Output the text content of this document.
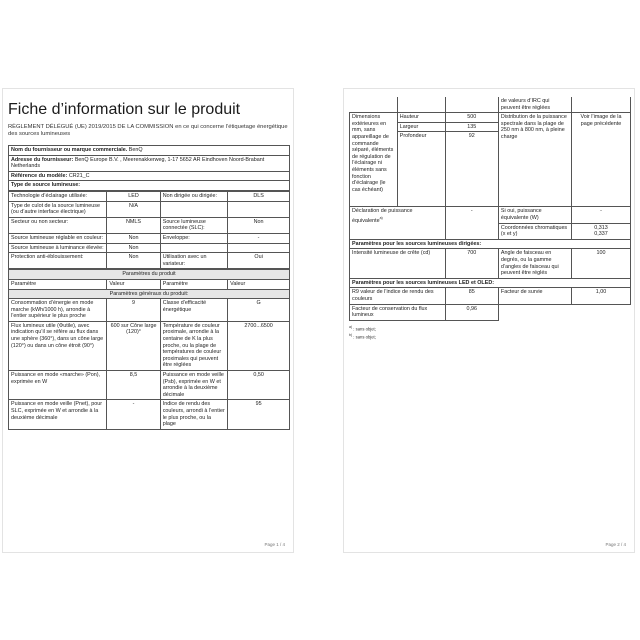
Fiche d’information sur le produit
RÈGLEMENT DÉLÉGUÉ (UE) 2019/2015 DE LA COMMISSION en ce qui concerne l’étiquetage énergétique des sources lumineuses
Nom du fournisseur ou marque commerciale. BenQ
Adresse du fournisseur: BenQ Europe B.V. , Meerenakkerweg, 1-17 5652 AR Eindhoven Noord-Brabant Netherlands
Référence du modèle: CR21_C
Type de source lumineuse:
Technologie d’éclairage utilisée:	LED	Non dirigée ou dirigée:	DLS
Type de culot de la source lumineuse (ou d’autre interface électrique)	N/A		
Secteur ou non secteur:	NMLS	Source lumineuse connectée (SLC):	Non
Source lumineuse réglable en couleur:	Non	Enveloppe:	-
Source lumineuse à luminance élevée:	Non		
Protection anti-éblouissement:	Non	Utilisation avec un variateur:	Oui
Paramètres du produit			
Paramètre	Valeur	Paramètre	Valeur
Paramètres généraux du produit:			
Consommation d’énergie en mode marche (kWh/1000 h), arrondie à l’entier supérieur le plus proche	9	Classe d’efficacité énergétique	G
Flux lumineux utile (Φutile), avec indication qu’il se réfère au flux dans une sphère (360°), dans un cône large (120°) ou dans un cône étroit (90°)	600 sur Cône large (120)°	Température de couleur proximale, arrondie à la centaine de K la plus proche, ou la plage de températures de couleur proximales qui peuvent être réglées	2700...6500
Puissance en mode «marche» (Pon), exprimée en W	8,5	Puissance en mode veille (Psb), exprimée en W et arrondie à la deuxième décimale	0,50
Puissance en mode veille (Pnet), pour SLC, exprimée en W et arrondie à la deuxième décimale	-	Indice de rendu des couleurs, arrondi à l’entier le plus proche, ou la plage	95
Page 1 / 4
			de valeurs d’IRC qui peuvent être réglées	
Dimensions extérieures en mm, sans appareillage de commande séparé, éléments de régulation de l’éclairage ni éléments sans fonction d’éclairage (le cas échéant)	Hauteur	500	Distribution de la puissance spectrale dans la plage de 250 nm à 800 nm, à pleine charge	Voir l’image de la page précédente
	Largeur	135		
	Profondeur	92		
Déclaration de puissance équivalente$^{a)}$		-	Si oui, puissance équivalente (W)	-
			Coordonnées chromatiques (x et y)	0,313
0,337
Paramètres pour les sources lumineuses dirigées:				
Intensité lumineuse de crête (cd)		700	Angle de faisceau en degrés, ou la gamme d’angles de faisceau qui peuvent être réglés	100
Paramètres pour les sources lumineuses LED et OLED:				
R9 valeur de l’indice de rendu des couleurs		85	Facteur de survie	1,00
Facteur de conservation du flux lumineux		0,96		
$^{a)}$ : sans objet;
$^{b)}$ : sans objet;
Page 2 / 4
